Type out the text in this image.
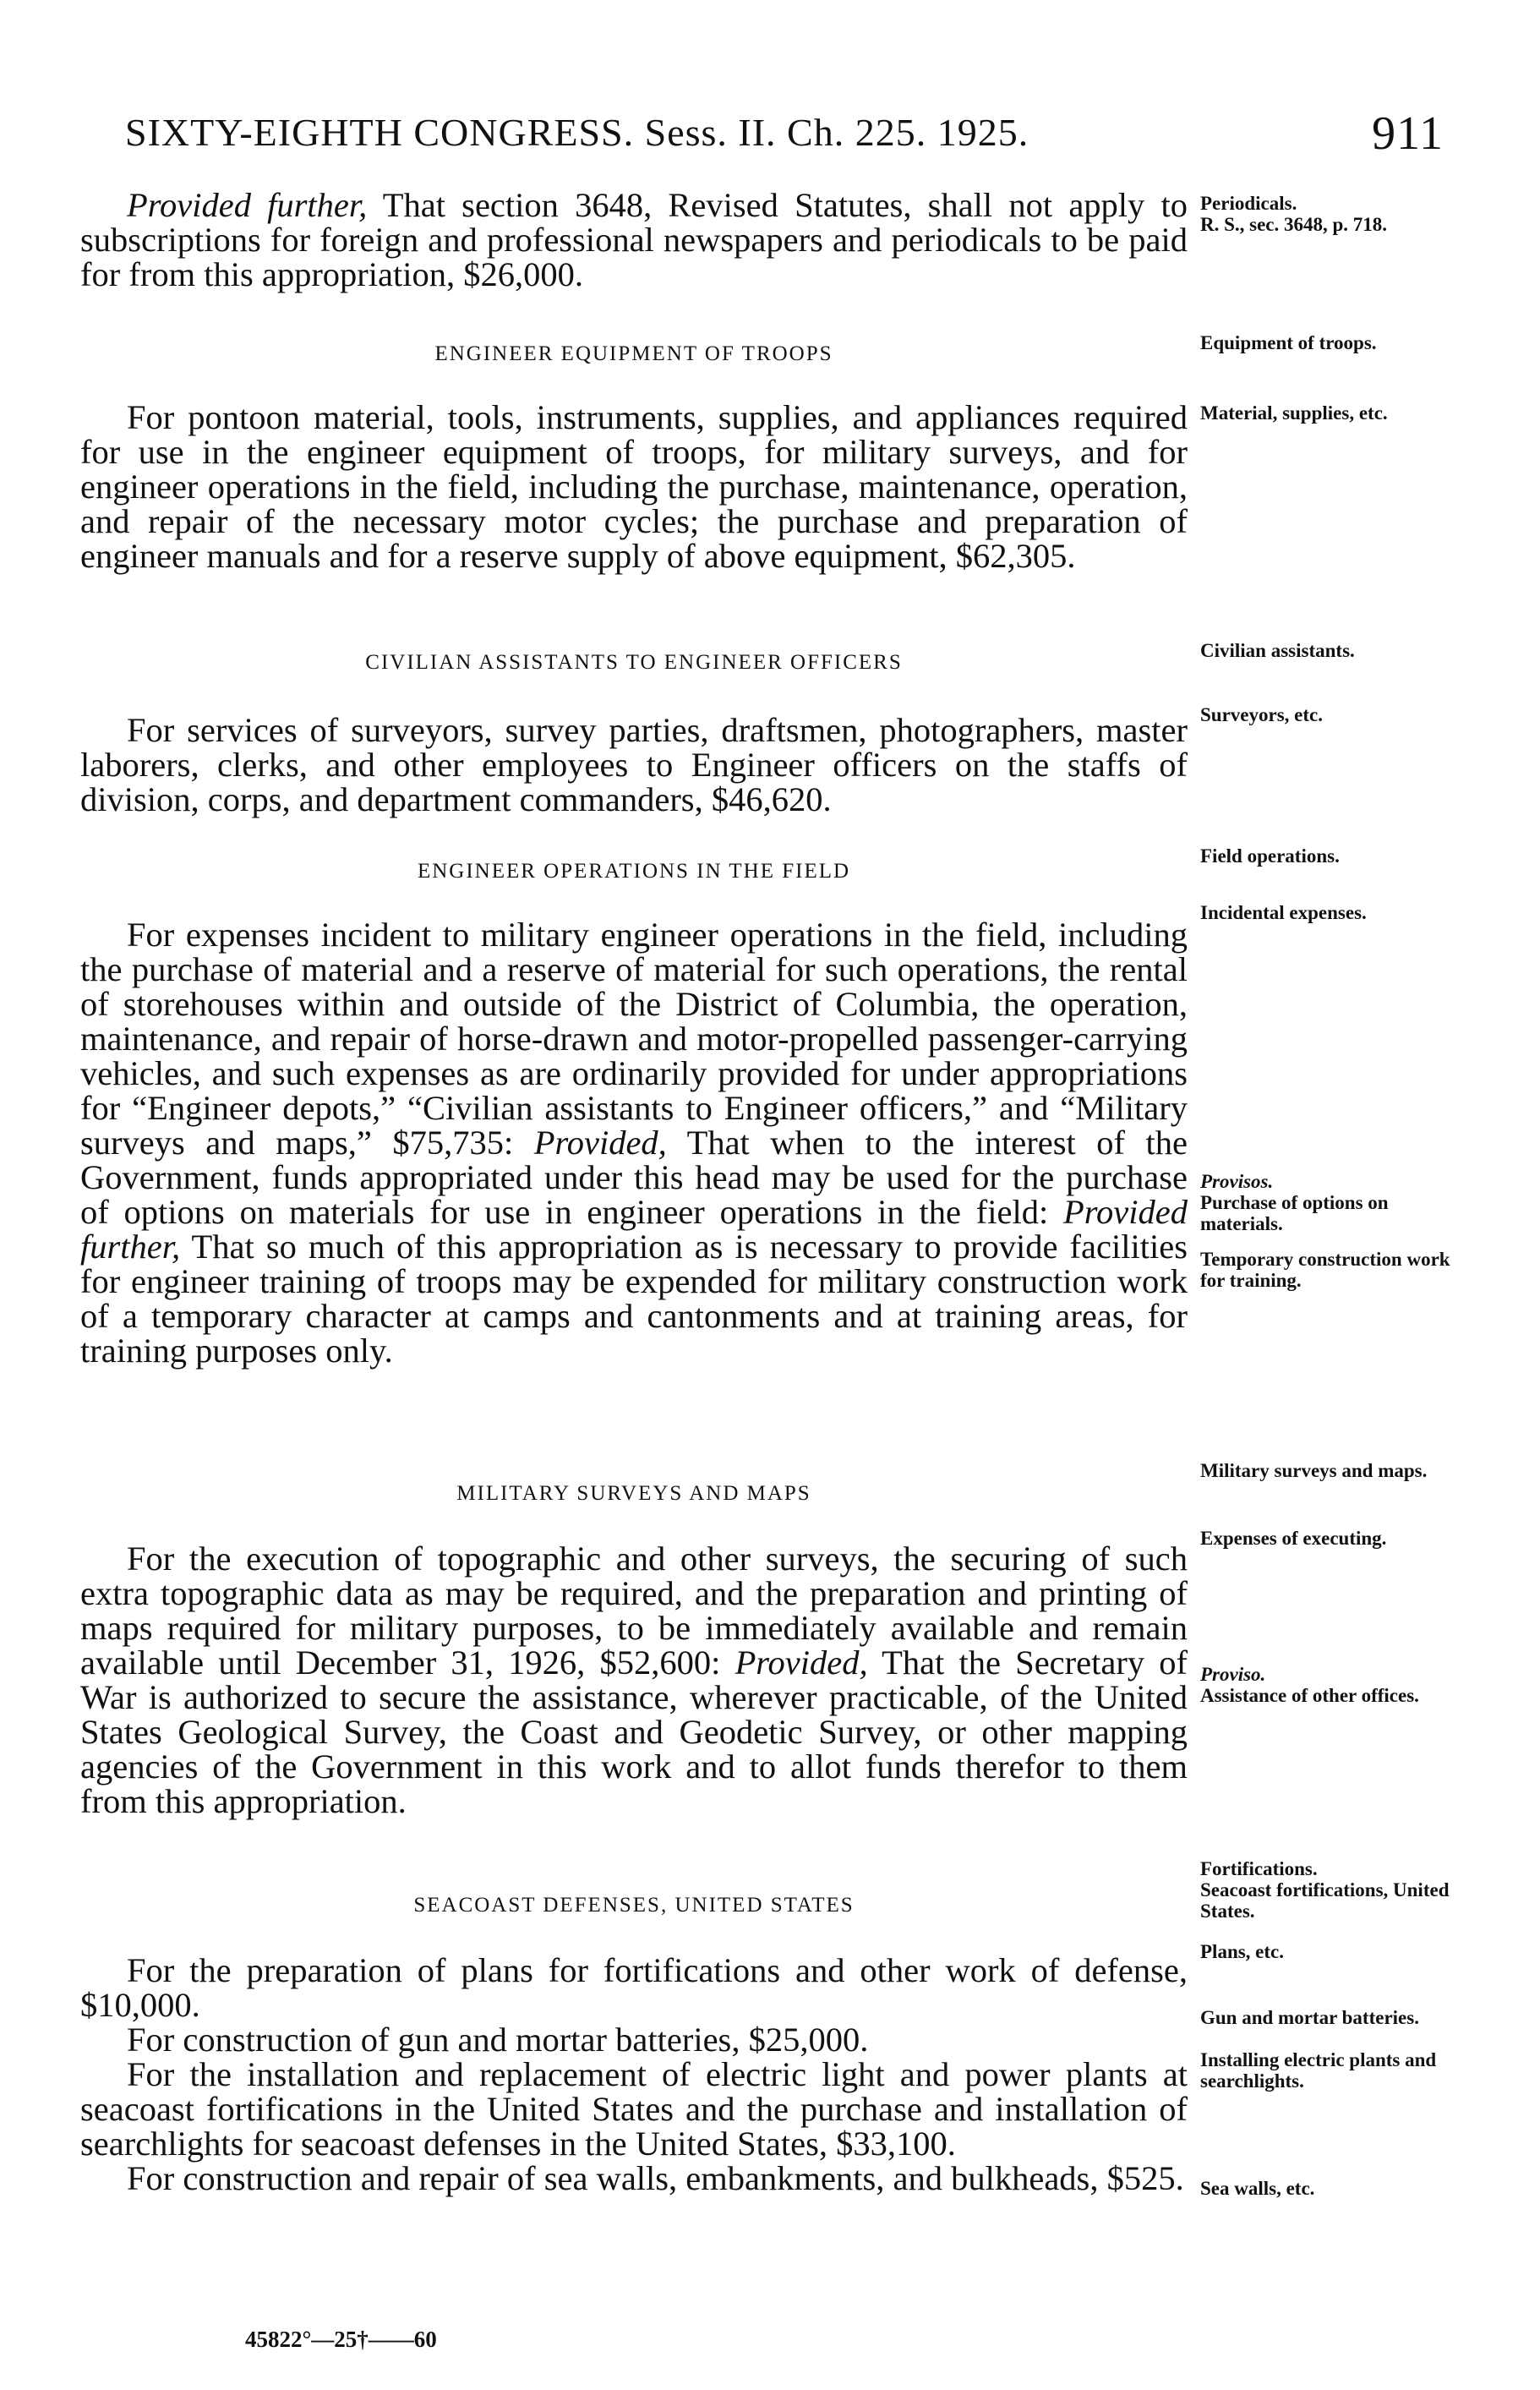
SIXTY-EIGHTH CONGRESS. Sess. II. Ch. 225. 1925.	911

Provided further, That section 3648, Revised Statutes, shall not apply to subscriptions for foreign and professional newspapers and periodicals to be paid for from this appropriation, $26,000.

Periodicals.
R. S., sec. 3648, p. 718.
ENGINEER EQUIPMENT OF TROOPS	Equipment of troops.

For pontoon material, tools, instruments, supplies, and appliances required for use in the engineer equipment of troops, for military surveys, and for engineer operations in the field, including the purchase, maintenance, operation, and repair of the necessary motor cycles; the purchase and preparation of engineer manuals and for a reserve supply of above equipment, $62,305.

Material, supplies, etc.
CIVILIAN ASSISTANTS TO ENGINEER OFFICERS
Civilian assistants.

For services of surveyors, survey parties, draftsmen, photographers, master laborers, clerks, and other employees to Engineer officers on the staffs of division, corps, and department commanders, $46,620.

Surveyors, etc.
ENGINEER OPERATIONS IN THE FIELD
Field operations.
Incidental expenses.

For expenses incident to military engineer operations in the field, including the purchase of material and a reserve of material for such operations, the rental of storehouses within and outside of the District of Columbia, the operation, maintenance, and repair of horse-drawn and motor-propelled passenger-carrying vehicles, and such expenses as are ordinarily provided for under appropriations for “Engineer depots,” “Civilian assistants to Engineer officers,” and “Military surveys and maps,” $75,735: Provided, That when to the interest of the Government, funds appropriated under this head may be used for the purchase of options on materials for use in engineer operations in the field: Provided further, That so much of this appropriation as is necessary to provide facilities for engineer training of troops may be expended for military construction work of a temporary character at camps and cantonments and at training areas, for training purposes only.

Provisos.
Purchase of options on materials.
Temporary construction work for training.
MILITARY SURVEYS AND MAPS
Military surveys and maps.
Expenses of executing.

For the execution of topographic and other surveys, the securing of such extra topographic data as may be required, and the preparation and printing of maps required for military purposes, to be immediately available and remain available until December 31, 1926, $52,600: Provided, That the Secretary of War is authorized to secure the assistance, wherever practicable, of the United States Geological Survey, the Coast and Geodetic Survey, or other mapping agencies of the Government in this work and to allot funds therefor to them from this appropriation.

Proviso.
Assistance of other offices.
SEACOAST DEFENSES, UNITED STATES
Fortifications.
Seacoast fortifications, United States.
Plans, etc.

For the preparation of plans for fortifications and other work of defense, $10,000.

For construction of gun and mortar batteries, $25,000.

For the installation and replacement of electric light and power plants at seacoast fortifications in the United States and the purchase and installation of searchlights for seacoast defenses in the United States, $33,100.

For construction and repair of sea walls, embankments, and bulkheads, $525.

Gun and mortar batteries.
Installing electric plants and searchlights.
Sea walls, etc.
45822°—25†——60
